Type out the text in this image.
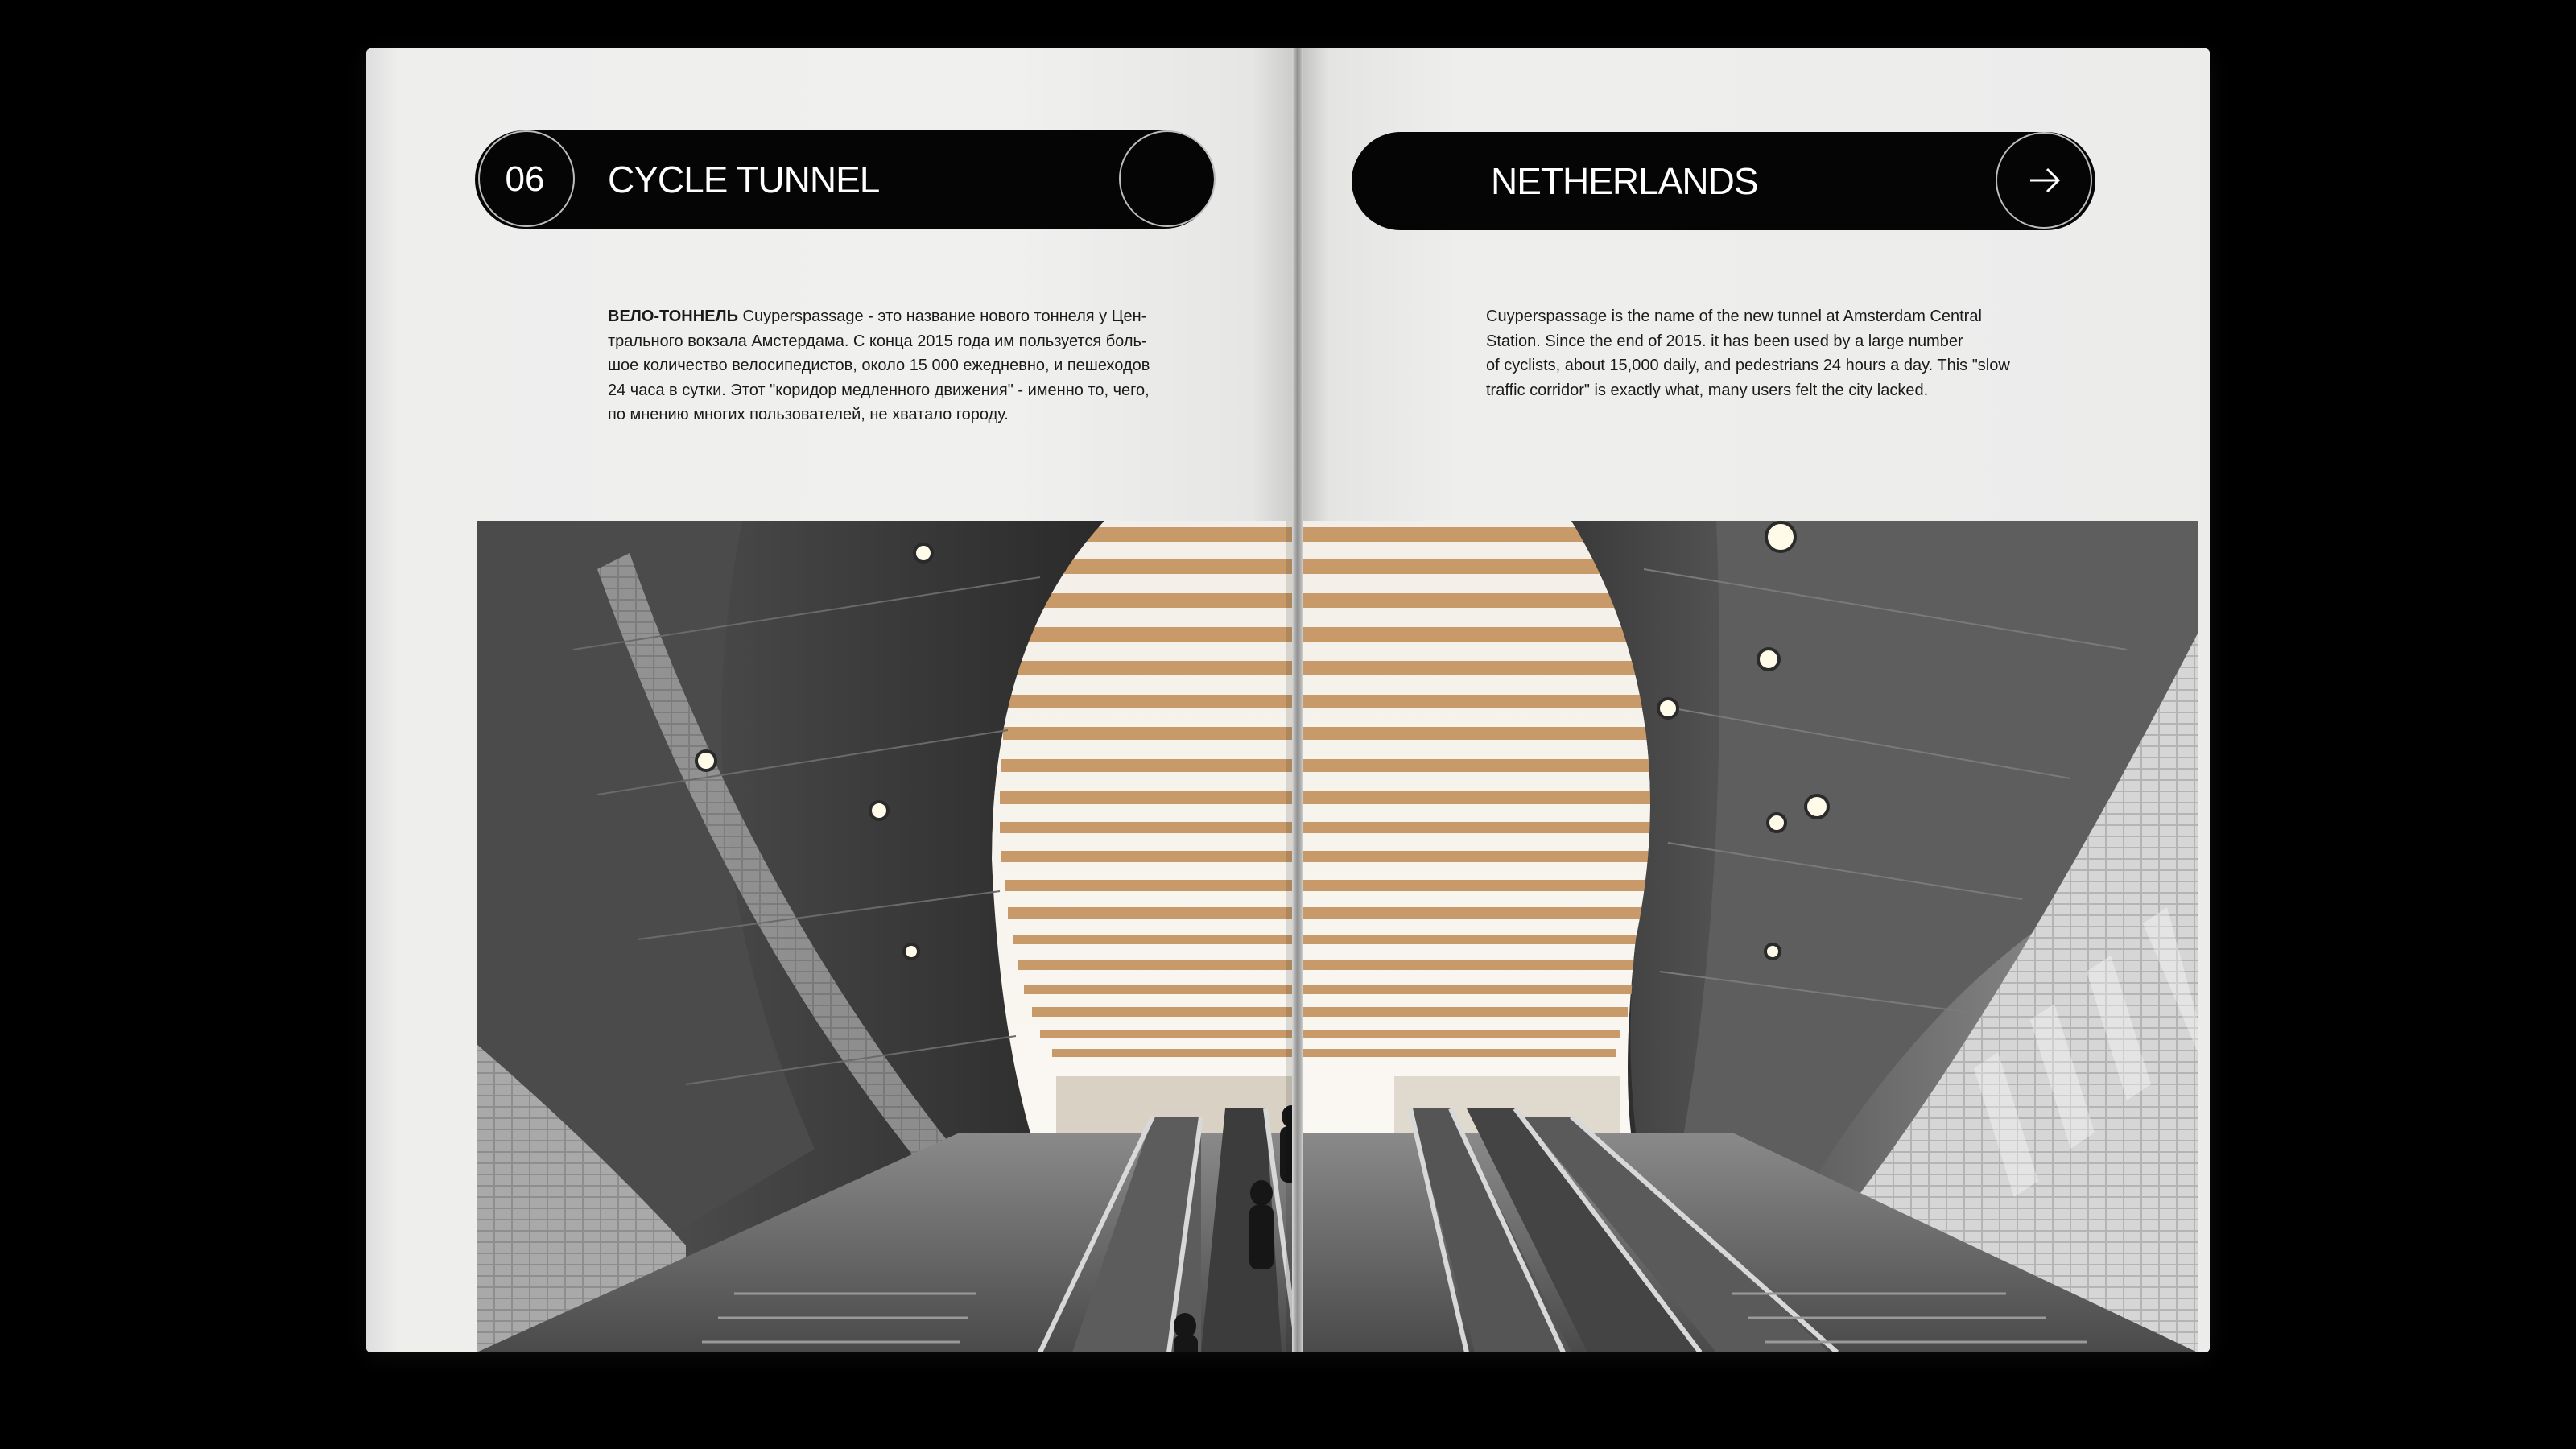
06	CYCLE TUNNEL
ВЕЛО-ТОННЕЛЬ Cuyperspassage - это название нового тоннеля у Цен-
трального вокзала Амстердама. С конца 2015 года им пользуется боль-
шое количество велосипедистов, около 15 000 ежедневно, и пешеходов
24 часа в сутки. Этот "коридор медленного движения" - именно то, чего,
по мнению многих пользователей, не хватало городу.
NETHERLANDS
Cuyperspassage is the name of the new tunnel at Amsterdam Central
Station. Since the end of 2015. it has been used by a large number
of cyclists, about 15,000 daily, and pedestrians 24 hours a day. This "slow
traffic corridor" is exactly what, many users felt the city lacked.
